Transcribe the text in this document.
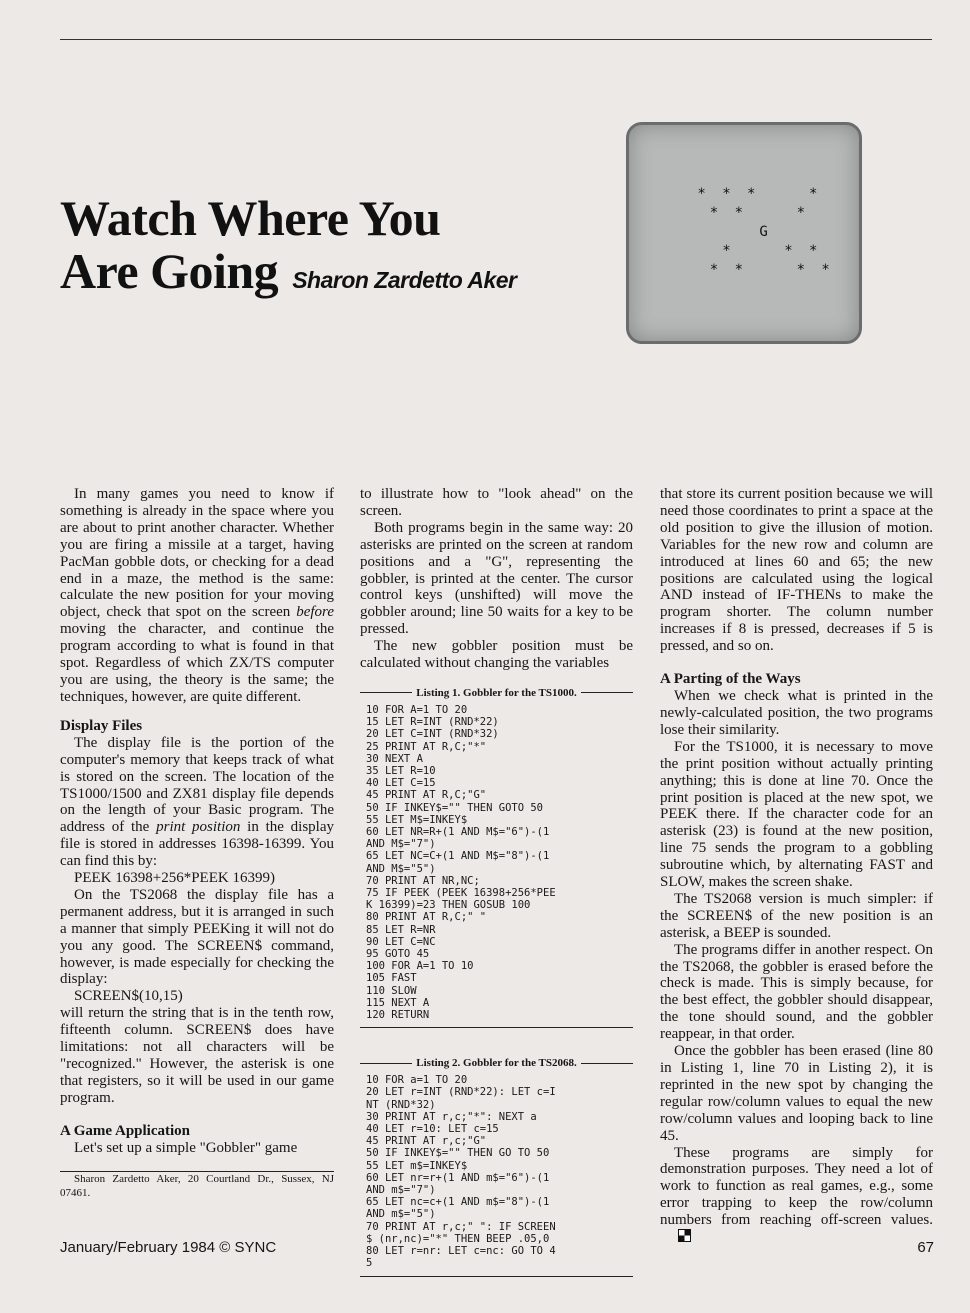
Watch Where You
Are Going Sharon Zardetto Aker
* * *	*
* *	*
G
*	* *
* *	* *

In many games you need to know if something is already in the space where you are about to print another character. Whether you are firing a missile at a target, having PacMan gobble dots, or checking for a dead end in a maze, the method is the same: calculate the new position for your moving object, check that spot on the screen before moving the character, and continue the program according to what is found in that spot. Regardless of which ZX/TS computer you are using, the theory is the same; the techniques, however, are quite different.

Display Files

The display file is the portion of the computer's memory that keeps track of what is stored on the screen. The location of the TS1000/1500 and ZX81 display file depends on the length of your Basic program. The address of the print position in the display file is stored in addresses 16398-16399. You can find this by:

PEEK 16398+256*PEEK 16399)

On the TS2068 the display file has a permanent address, but it is arranged in such a manner that simply PEEKing it will not do you any good. The SCREEN$ command, however, is made especially for checking the display:

SCREEN$(10,15)

will return the string that is in the tenth row, fifteenth column. SCREEN$ does have limitations: not all characters will be "recognized." However, the asterisk is one that registers, so it will be used in our game program.

A Game Application

Let's set up a simple "Gobbler" game

Sharon Zardetto Aker, 20 Courtland Dr., Sussex, NJ 07461.

to illustrate how to "look ahead" on the screen.

Both programs begin in the same way: 20 asterisks are printed on the screen at random positions and a "G", representing the gobbler, is printed at the center. The cursor control keys (unshifted) will move the gobbler around; line 50 waits for a key to be pressed.

The new gobbler position must be calculated without changing the variables

Listing 1. Gobbler for the TS1000.
10 FOR A=1 TO 20
15 LET R=INT (RND*22)
20 LET C=INT (RND*32)
25 PRINT AT R,C;"*"
30 NEXT A
35 LET R=10
40 LET C=15
45 PRINT AT R,C;"G"
50 IF INKEY$="" THEN GOTO 50
55 LET M$=INKEY$
60 LET NR=R+(1 AND M$="6")-(1
AND M$="7")
65 LET NC=C+(1 AND M$="8")-(1
AND M$="5")
70 PRINT AT NR,NC;
75 IF PEEK (PEEK 16398+256*PEE
K 16399)=23 THEN GOSUB 100
80 PRINT AT R,C;" "
85 LET R=NR
90 LET C=NC
95 GOTO 45
100 FOR A=1 TO 10
105 FAST
110 SLOW
115 NEXT A
120 RETURN
Listing 2. Gobbler for the TS2068.
10 FOR a=1 TO 20
20 LET r=INT (RND*22): LET c=I
NT (RND*32)
30 PRINT AT r,c;"*": NEXT a
40 LET r=10: LET c=15
45 PRINT AT r,c;"G"
50 IF INKEY$="" THEN GO TO 50
55 LET m$=INKEY$
60 LET nr=r+(1 AND m$="6")-(1
AND m$="7")
65 LET nc=c+(1 AND m$="8")-(1
AND m$="5")
70 PRINT AT r,c;" ": IF SCREEN
$ (nr,nc)="*" THEN BEEP .05,0
80 LET r=nr: LET c=nc: GO TO 4
5

that store its current position because we will need those coordinates to print a space at the old position to give the illusion of motion. Variables for the new row and column are introduced at lines 60 and 65; the new positions are calculated using the logical AND instead of IF-THENs to make the program shorter. The column number increases if 8 is pressed, decreases if 5 is pressed, and so on.

A Parting of the Ways

When we check what is printed in the newly-calculated position, the two programs lose their similarity.

For the TS1000, it is necessary to move the print position without actually printing anything; this is done at line 70. Once the print position is placed at the new spot, we PEEK there. If the character code for an asterisk (23) is found at the new position, line 75 sends the program to a gobbling subroutine which, by alternating FAST and SLOW, makes the screen shake.

The TS2068 version is much simpler: if the SCREEN$ of the new position is an asterisk, a BEEP is sounded.

The programs differ in another respect. On the TS2068, the gobbler is erased before the check is made. This is simply because, for the best effect, the gobbler should disappear, the tone should sound, and the gobbler reappear, in that order.

Once the gobbler has been erased (line 80 in Listing 1, line 70 in Listing 2), it is reprinted in the new spot by changing the regular row/column values to equal the new row/column values and looping back to line 45.

These programs are simply for demonstration purposes. They need a lot of work to function as real games, e.g., some error trapping to keep the row/column numbers from reaching off-screen values.

January/February 1984 © SYNC	67
